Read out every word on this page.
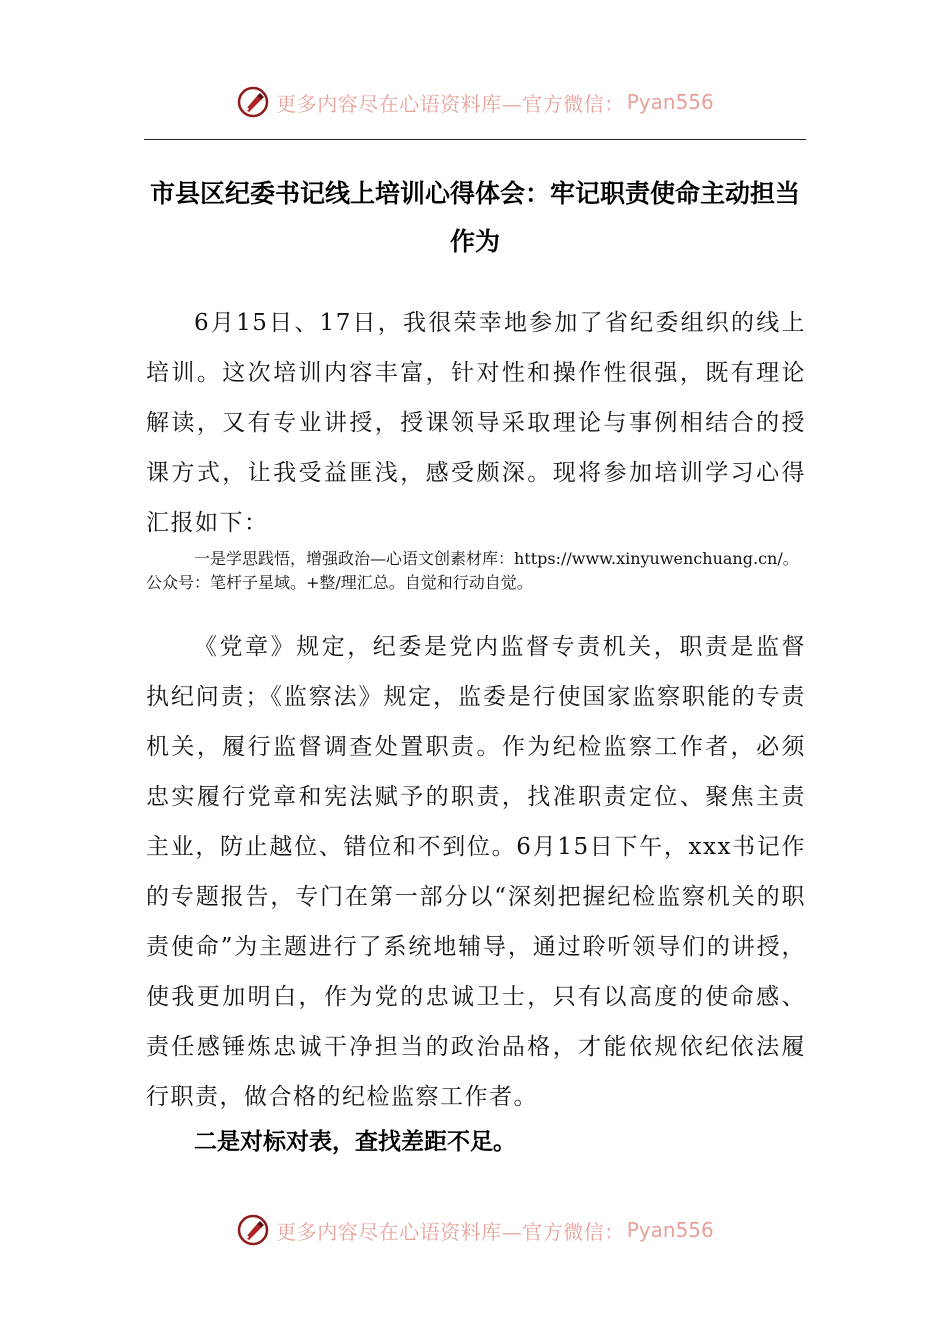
更多内容尽在心语资料库—官方微信： Pyan556
市县区纪委书记线上培训心得体会：牢记职责使命主动担当作为

6月15日、17日，我很荣幸地参加了省纪委组织的线上培训。这次培训内容丰富，针对性和操作性很强，既有理论解读，又有专业讲授，授课领导采取理论与事例相结合的授课方式，让我受益匪浅，感受颇深。现将参加培训学习心得汇报如下：

一是学思践悟，增强政治—心语文创素材库：https://www.xinyuwenchuang.cn/。公众号：笔杆子星域。+整/理汇总。自觉和行动自觉。

《党章》规定，纪委是党内监督专责机关，职责是监督执纪问责；《监察法》规定，监委是行使国家监察职能的专责机关，履行监督调查处置职责。作为纪检监察工作者，必须忠实履行党章和宪法赋予的职责，找准职责定位、聚焦主责主业，防止越位、错位和不到位。6月15日下午，xxx书记作的专题报告，专门在第一部分以“深刻把握纪检监察机关的职责使命”为主题进行了系统地辅导，通过聆听领导们的讲授，使我更加明白，作为党的忠诚卫士，只有以高度的使命感、责任感锤炼忠诚干净担当的政治品格，才能依规依纪依法履行职责，做合格的纪检监察工作者。

二是对标对表，查找差距不足。
更多内容尽在心语资料库—官方微信： Pyan556
